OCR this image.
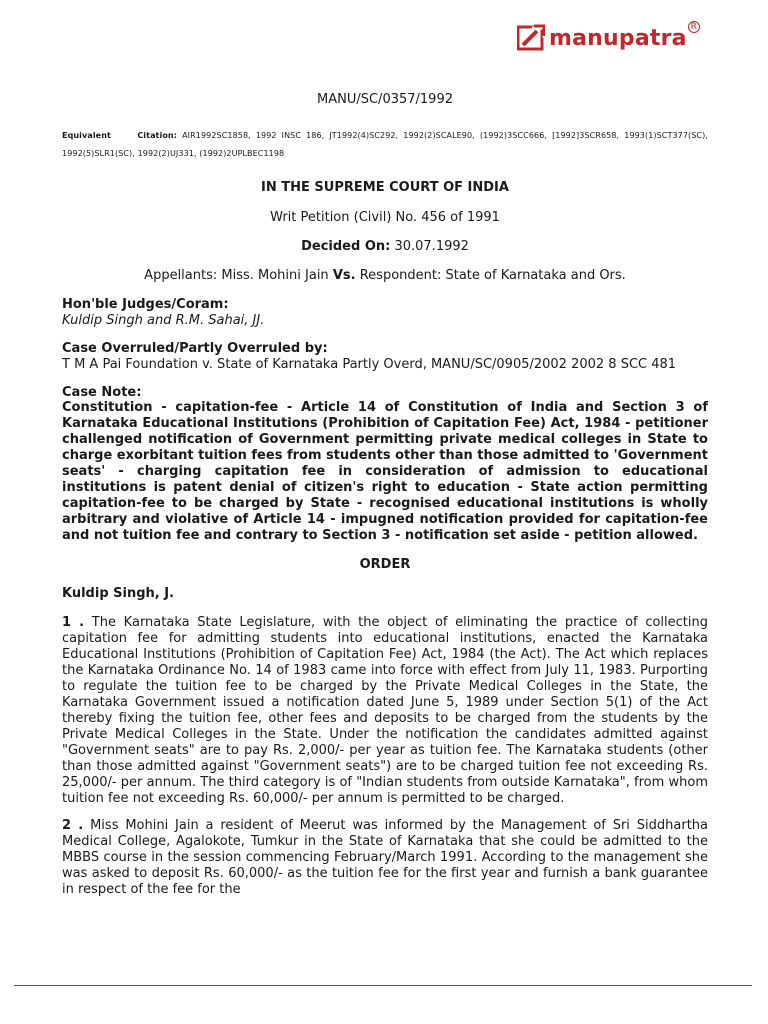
manupatra R
MANU/SC/0357/1992
Equivalent     Citation: AIR1992SC1858, 1992 INSC 186, JT1992(4)SC292, 1992(2)SCALE90, (1992)3SCC666, [1992]3SCR658, 1993(1)SCT377(SC), 1992(5)SLR1(SC), 1992(2)UJ331, (1992)2UPLBEC1198
IN THE SUPREME COURT OF INDIA
Writ Petition (Civil) No. 456 of 1991
Decided On: 30.07.1992
Appellants: Miss. Mohini Jain Vs. Respondent: State of Karnataka and Ors.
Hon'ble Judges/Coram:
Kuldip Singh and R.M. Sahai, JJ.
Case Overruled/Partly Overruled by:
T M A Pai Foundation v. State of Karnataka Partly Overd, MANU/SC/0905/2002 2002 8 SCC 481
Case Note:
Constitution - capitation-fee - Article 14 of Constitution of India and Section 3 of Karnataka Educational Institutions (Prohibition of Capitation Fee) Act, 1984 - petitioner challenged notification of Government permitting private medical colleges in State to charge exorbitant tuition fees from students other than those admitted to 'Government seats' - charging capitation fee in consideration of admission to educational institutions is patent denial of citizen's right to education - State action permitting capitation-fee to be charged by State - recognised educational institutions is wholly arbitrary and violative of Article 14 - impugned notification provided for capitation-fee and not tuition fee and contrary to Section 3 - notification set aside - petition allowed.
ORDER
Kuldip Singh, J.
1 . The Karnataka State Legislature, with the object of eliminating the practice of collecting capitation fee for admitting students into educational institutions, enacted the Karnataka Educational Institutions (Prohibition of Capitation Fee) Act, 1984 (the Act). The Act which replaces the Karnataka Ordinance No. 14 of 1983 came into force with effect from July 11, 1983. Purporting to regulate the tuition fee to be charged by the Private Medical Colleges in the State, the Karnataka Government issued a notification dated June 5, 1989 under Section 5(1) of the Act thereby fixing the tuition fee, other fees and deposits to be charged from the students by the Private Medical Colleges in the State. Under the notification the candidates admitted against "Government seats" are to pay Rs. 2,000/- per year as tuition fee. The Karnataka students (other than those admitted against "Government seats") are to be charged tuition fee not exceeding Rs. 25,000/- per annum. The third category is of "Indian students from outside Karnataka", from whom tuition fee not exceeding Rs. 60,000/- per annum is permitted to be charged.
2 . Miss Mohini Jain a resident of Meerut was informed by the Management of Sri Siddhartha Medical College, Agalokote, Tumkur in the State of Karnataka that she could be admitted to the MBBS course in the session commencing February/March 1991. According to the management she was asked to deposit Rs. 60,000/- as the tuition fee for the first year and furnish a bank guarantee in respect of the fee for the
